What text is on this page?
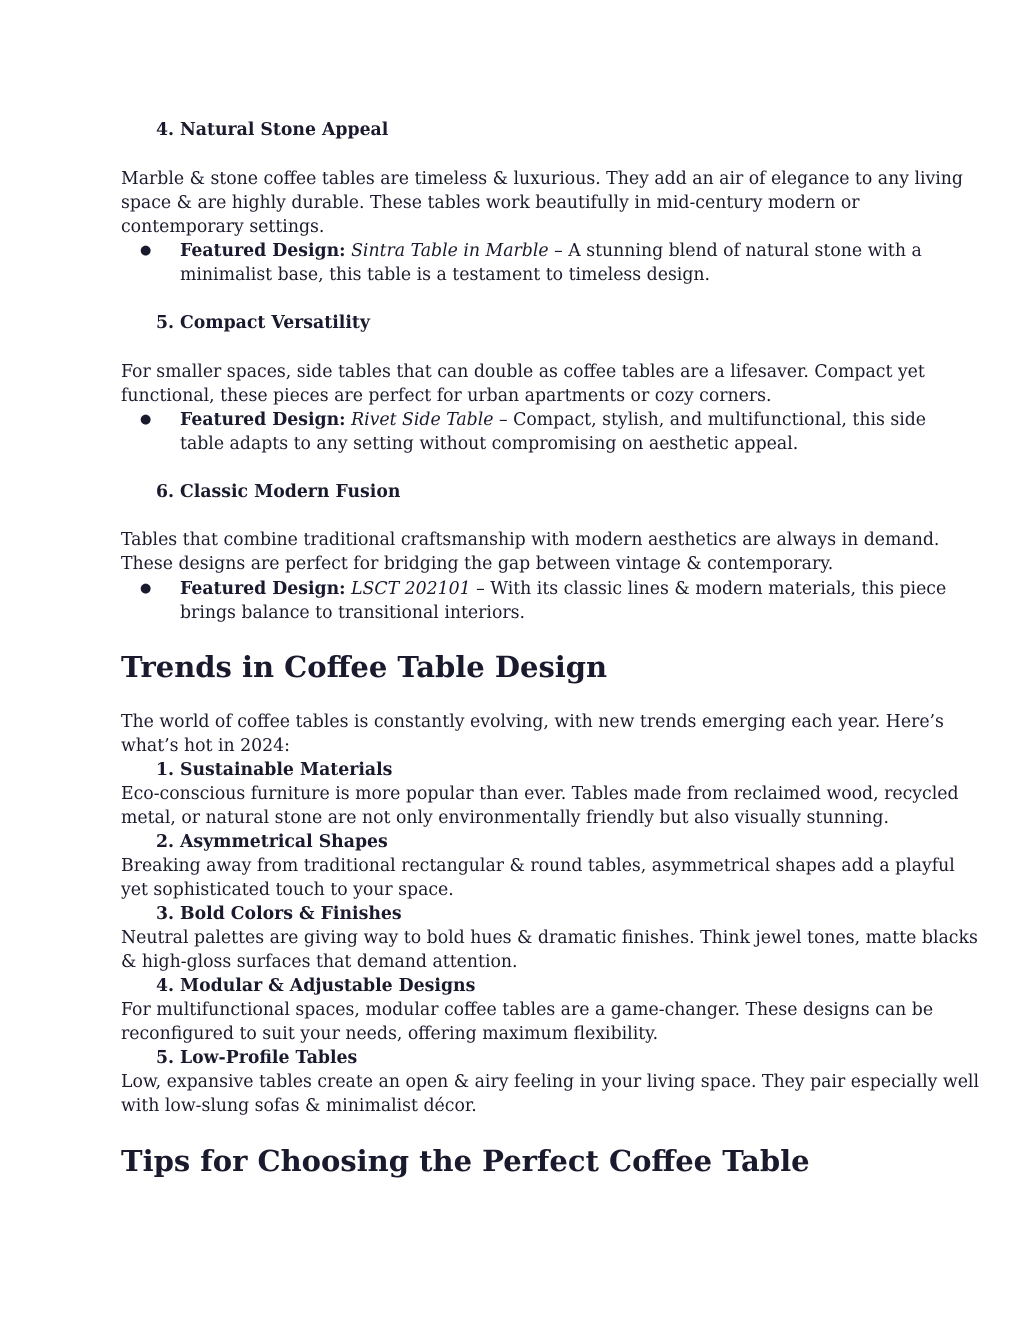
4. Natural Stone Appeal
Marble & stone coffee tables are timeless & luxurious. They add an air of elegance to any living
space & are highly durable. These tables work beautifully in mid-century modern or
contemporary settings.
● Featured Design: Sintra Table in Marble – A stunning blend of natural stone with a
minimalist base, this table is a testament to timeless design.
5. Compact Versatility
For smaller spaces, side tables that can double as coffee tables are a lifesaver. Compact yet
functional, these pieces are perfect for urban apartments or cozy corners.
● Featured Design: Rivet Side Table – Compact, stylish, and multifunctional, this side
table adapts to any setting without compromising on aesthetic appeal.
6. Classic Modern Fusion
Tables that combine traditional craftsmanship with modern aesthetics are always in demand.
These designs are perfect for bridging the gap between vintage & contemporary.
● Featured Design: LSCT 202101 – With its classic lines & modern materials, this piece
brings balance to transitional interiors.
Trends in Coffee Table Design
The world of coffee tables is constantly evolving, with new trends emerging each year. Here’s
what’s hot in 2024:
1. Sustainable Materials
Eco-conscious furniture is more popular than ever. Tables made from reclaimed wood, recycled
metal, or natural stone are not only environmentally friendly but also visually stunning.
2. Asymmetrical Shapes
Breaking away from traditional rectangular & round tables, asymmetrical shapes add a playful
yet sophisticated touch to your space.
3. Bold Colors & Finishes
Neutral palettes are giving way to bold hues & dramatic finishes. Think jewel tones, matte blacks
& high-gloss surfaces that demand attention.
4. Modular & Adjustable Designs
For multifunctional spaces, modular coffee tables are a game-changer. These designs can be
reconfigured to suit your needs, offering maximum flexibility.
5. Low-Profile Tables
Low, expansive tables create an open & airy feeling in your living space. They pair especially well
with low-slung sofas & minimalist décor.
Tips for Choosing the Perfect Coffee Table
